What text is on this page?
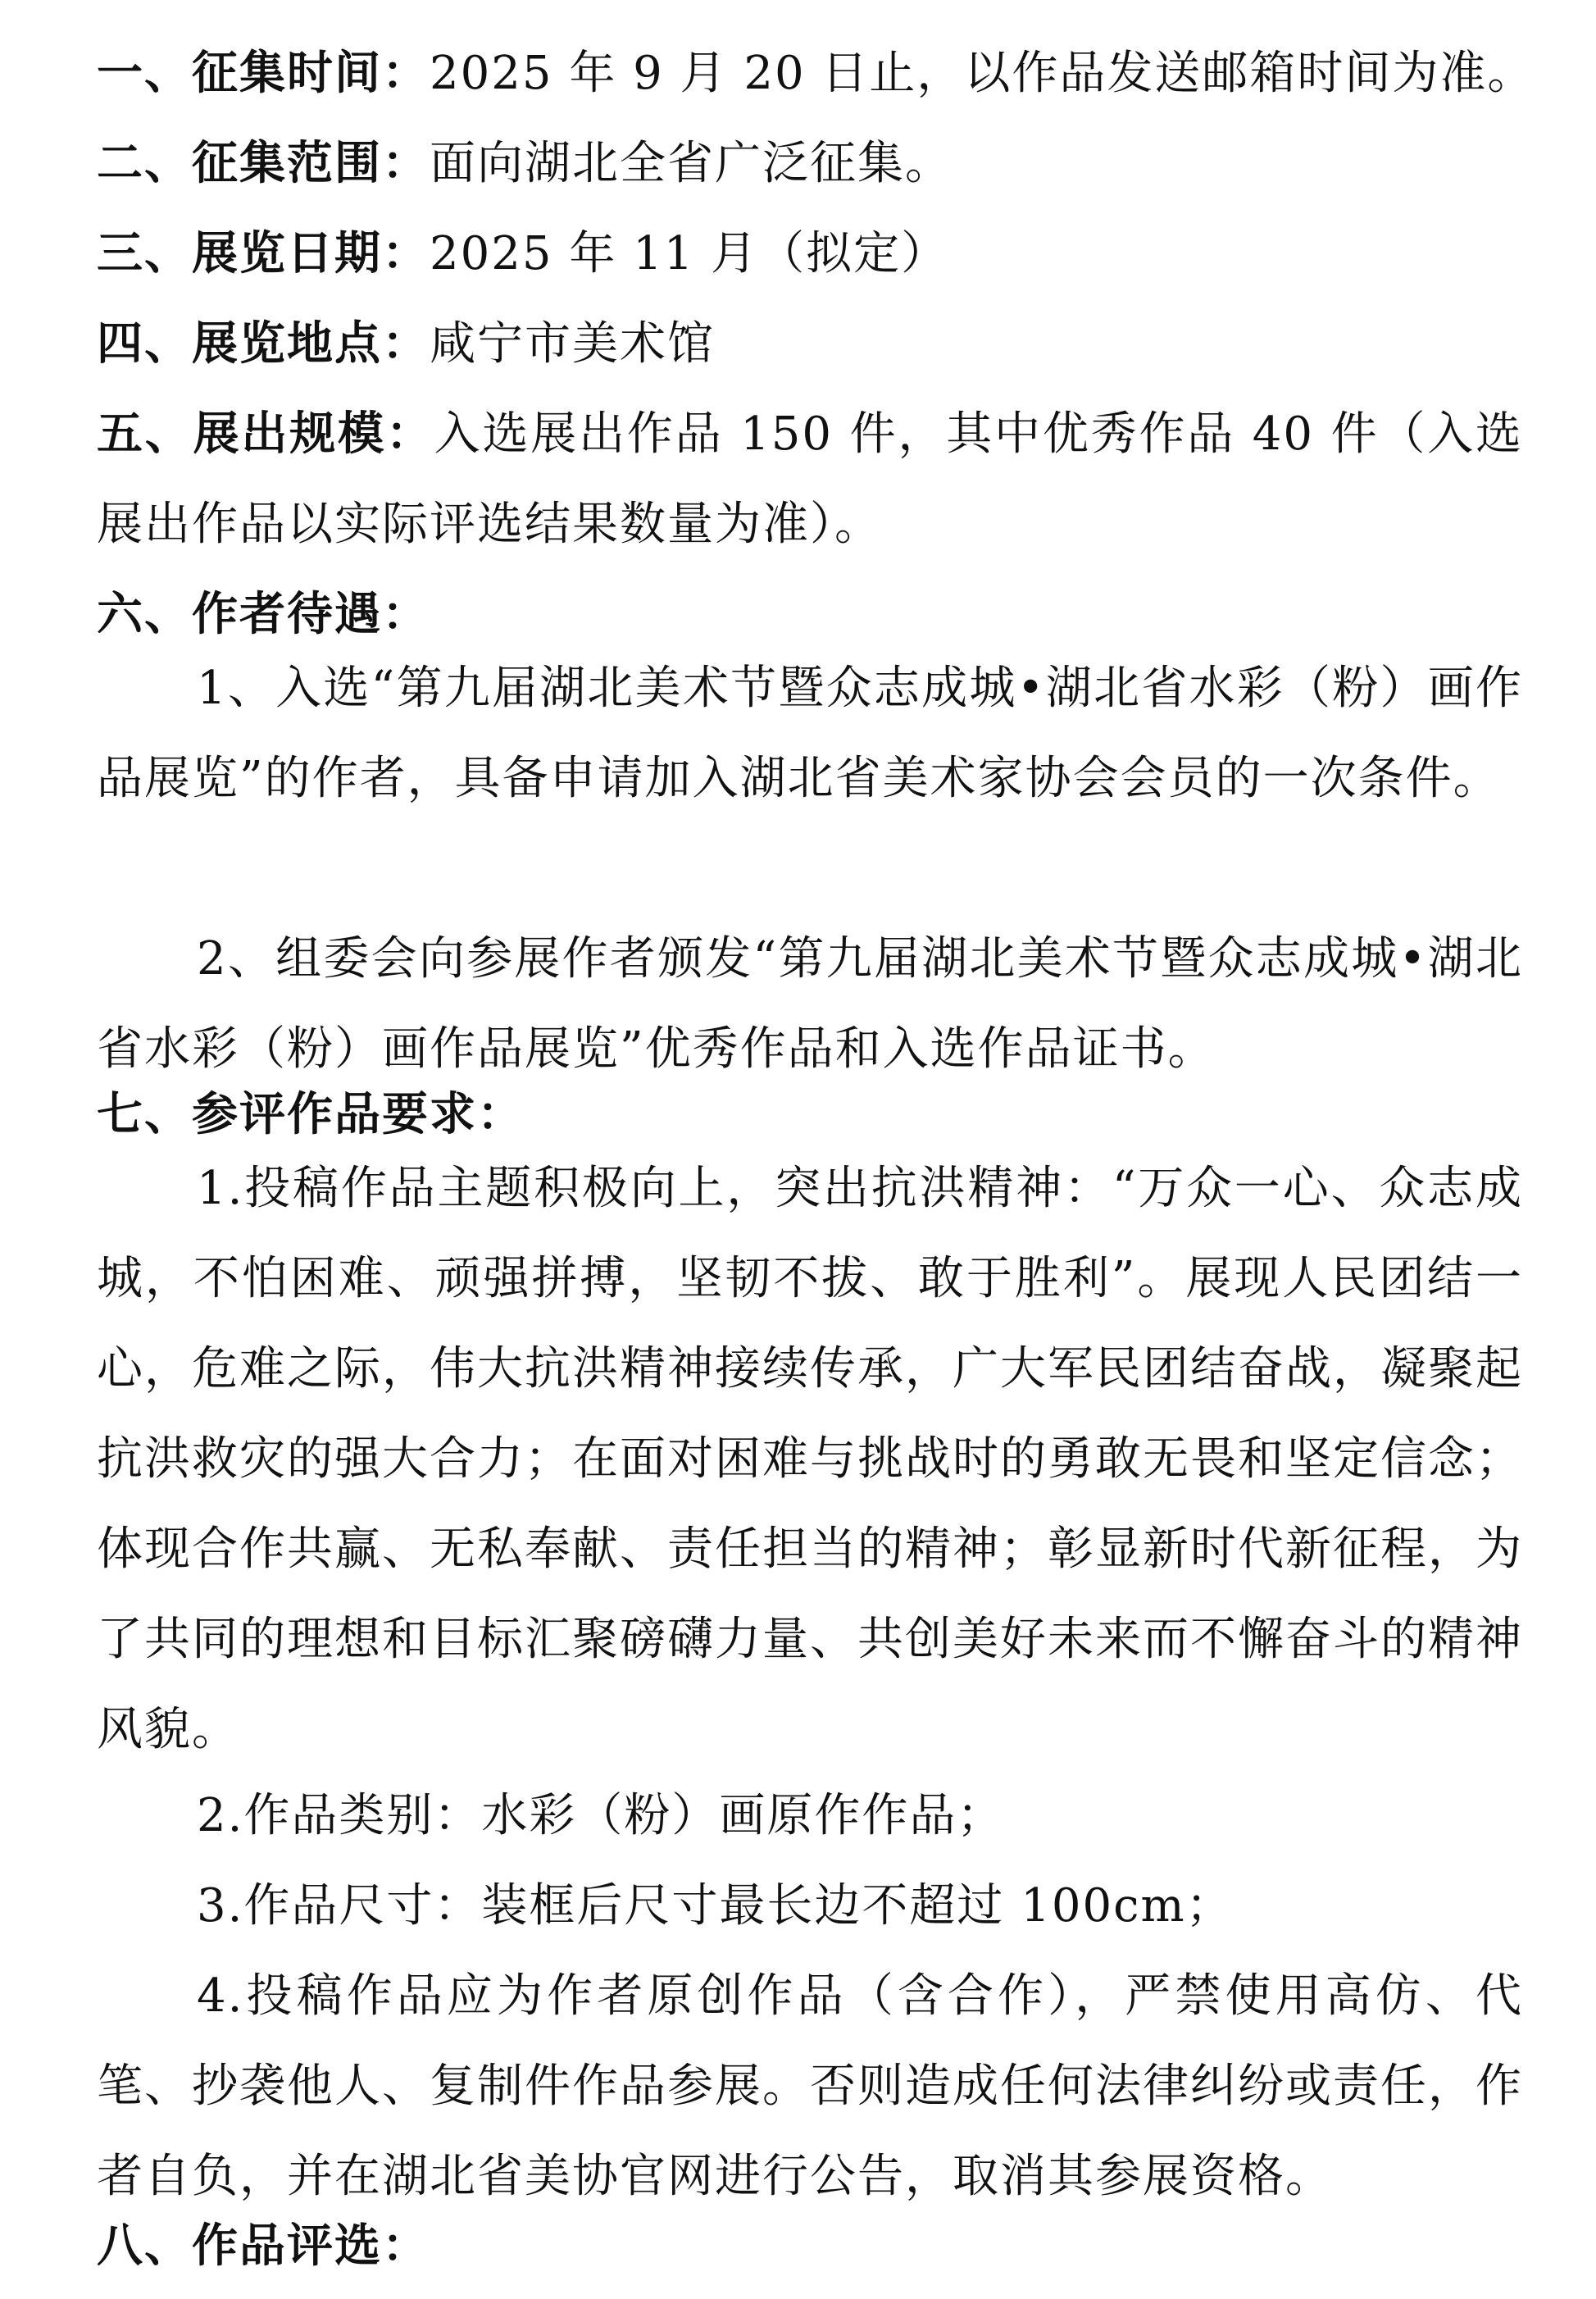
一、征集时间：2025 年 9 月 20 日止，以作品发送邮箱时间为准。
二、征集范围：面向湖北全省广泛征集。
三、展览日期：2025 年 11 月（拟定）
四、展览地点：咸宁市美术馆
五、展出规模：入选展出作品 150 件，其中优秀作品 40 件（入选展出作品以实际评选结果数量为准）。
六、作者待遇：
1、入选“第九届湖北美术节暨众志成城•湖北省水彩（粉）画作品展览”的作者，具备申请加入湖北省美术家协会会员的一次条件。
2、组委会向参展作者颁发“第九届湖北美术节暨众志成城•湖北省水彩（粉）画作品展览”优秀作品和入选作品证书。
七、参评作品要求：
1.投稿作品主题积极向上，突出抗洪精神：“万众一心、众志成城，不怕困难、顽强拼搏，坚韧不拔、敢于胜利”。展现人民团结一心，危难之际，伟大抗洪精神接续传承，广大军民团结奋战，凝聚起抗洪救灾的强大合力；在面对困难与挑战时的勇敢无畏和坚定信念；体现合作共赢、无私奉献、责任担当的精神；彰显新时代新征程，为了共同的理想和目标汇聚磅礴力量、共创美好未来而不懈奋斗的精神风貌。
2.作品类别：水彩（粉）画原作作品；
3.作品尺寸：装框后尺寸最长边不超过 100cm；
4.投稿作品应为作者原创作品（含合作），严禁使用高仿、代笔、抄袭他人、复制件作品参展。否则造成任何法律纠纷或责任，作者自负，并在湖北省美协官网进行公告，取消其参展资格。
八、作品评选：
